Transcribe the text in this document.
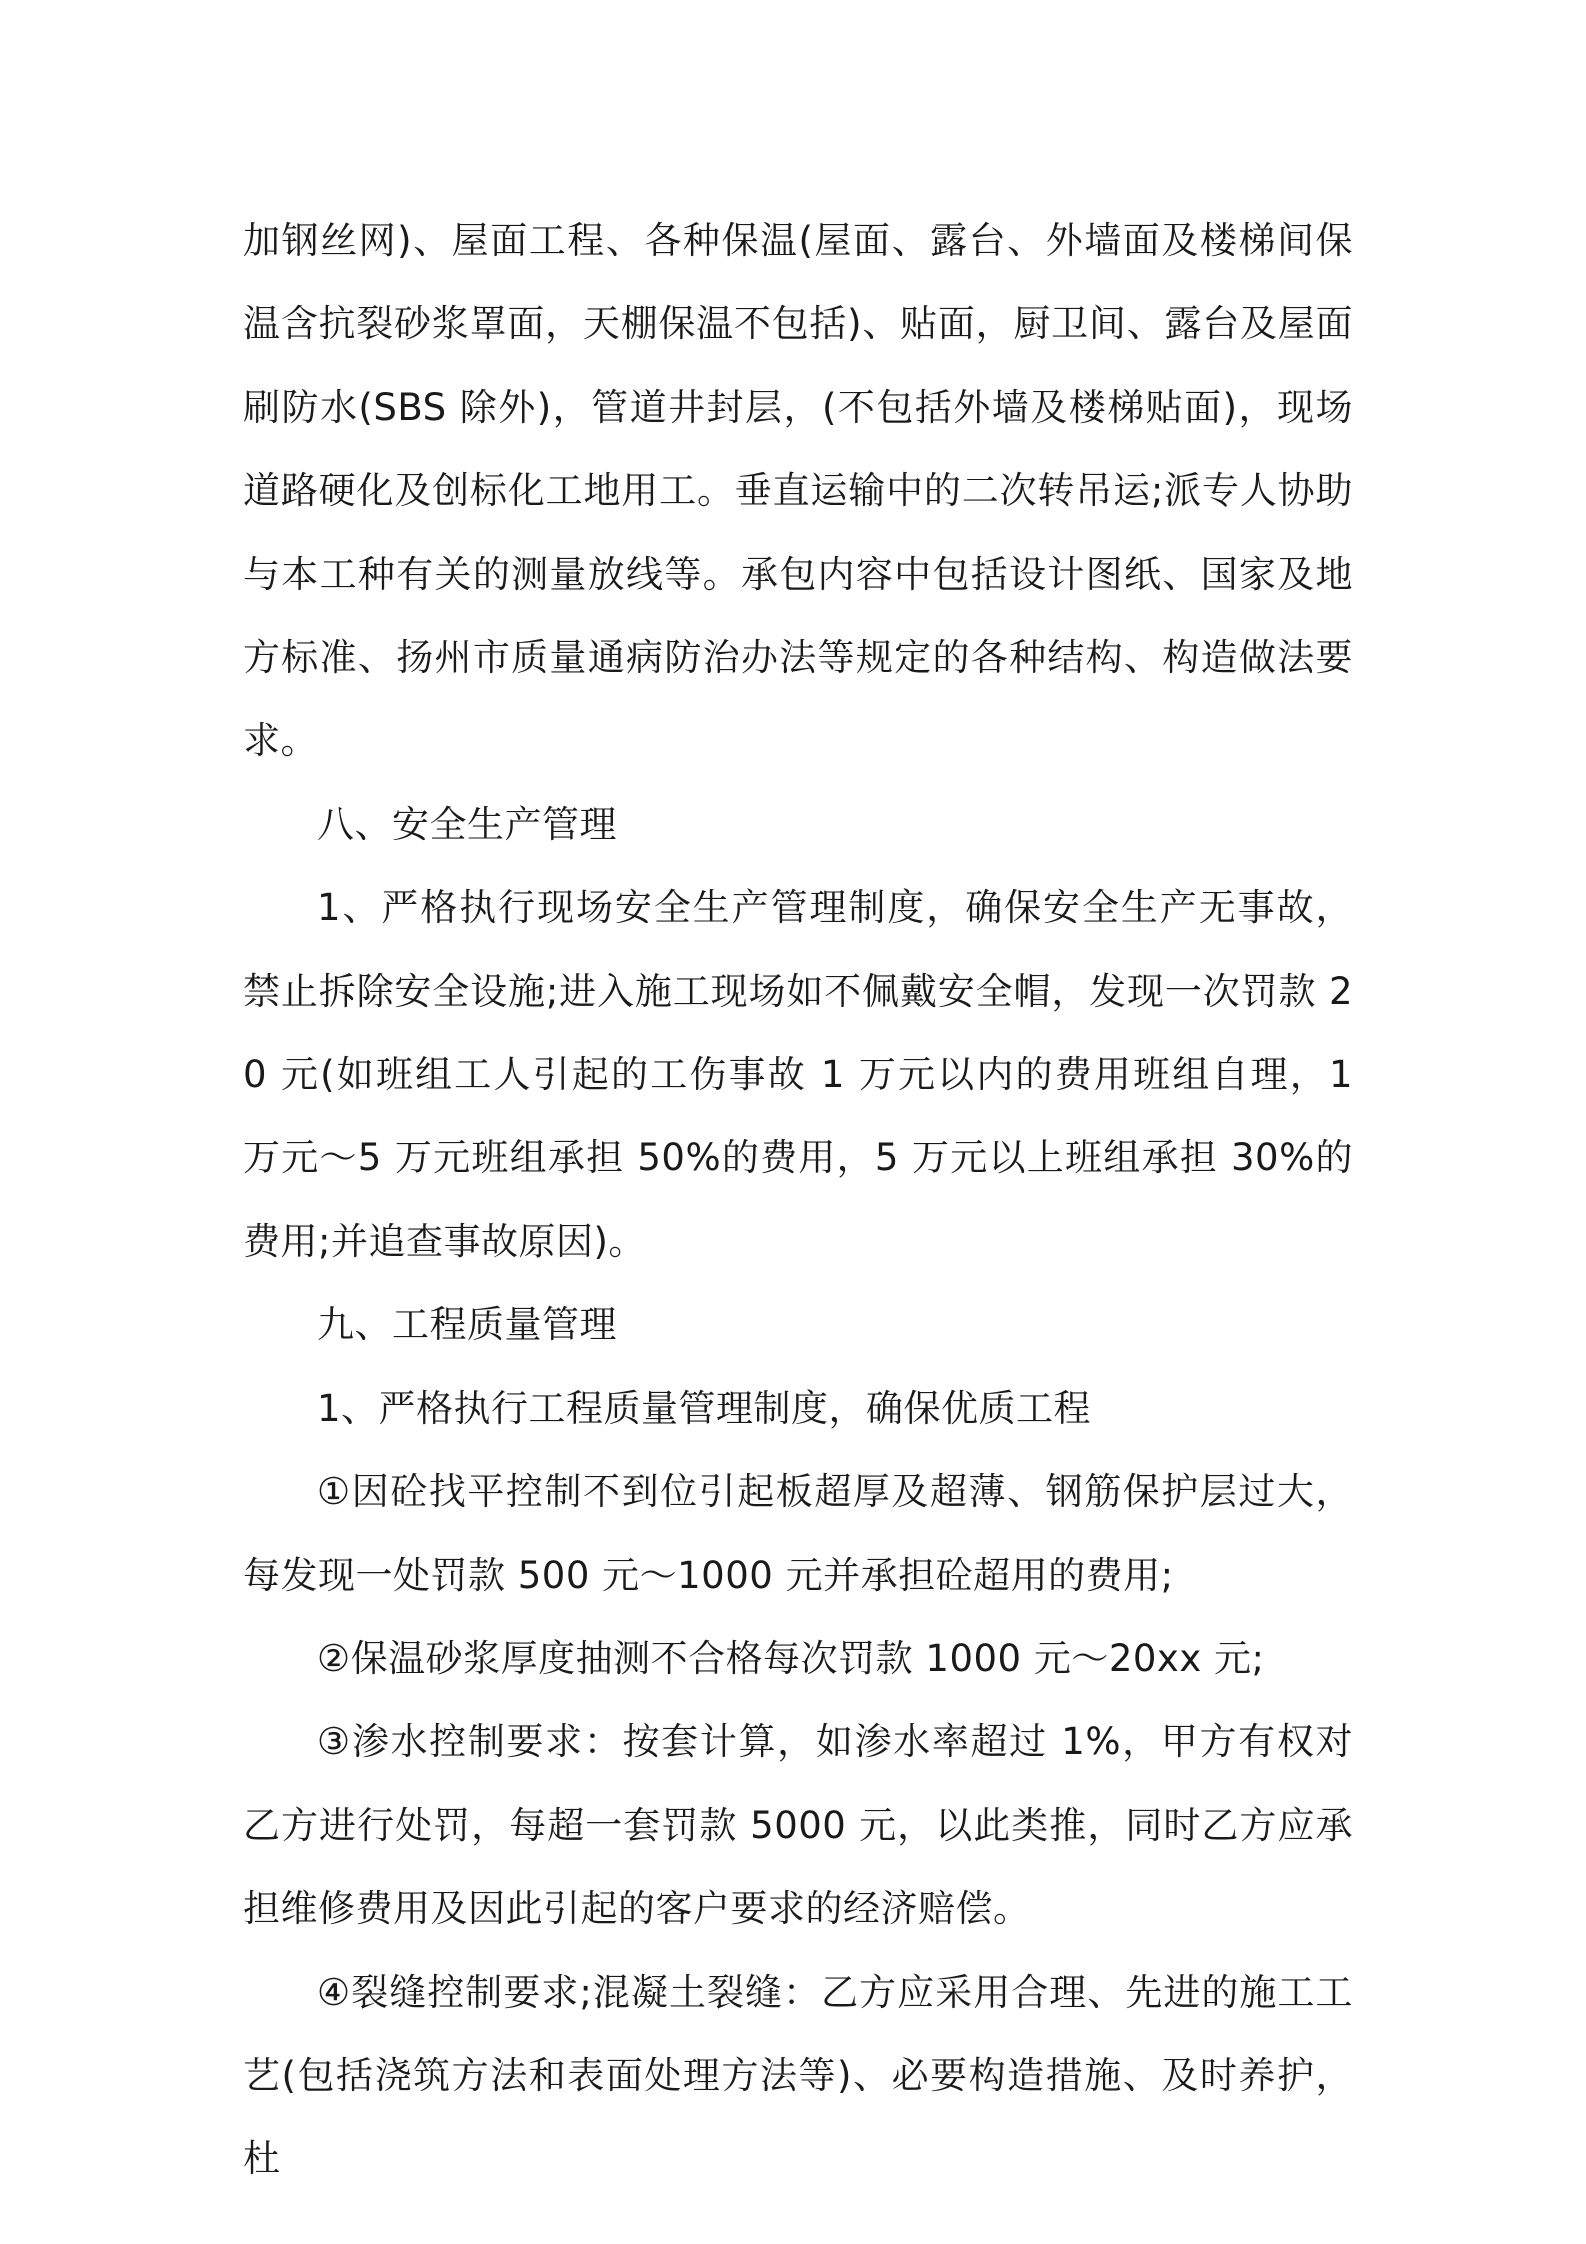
加钢丝网)、屋面工程、各种保温(屋面、露台、外墙面及楼梯间保温含抗裂砂浆罩面，天棚保温不包括)、贴面，厨卫间、露台及屋面刷防水(SBS 除外)，管道井封层，(不包括外墙及楼梯贴面)，现场道路硬化及创标化工地用工。垂直运输中的二次转吊运;派专人协助与本工种有关的测量放线等。承包内容中包括设计图纸、国家及地方标准、扬州市质量通病防治办法等规定的各种结构、构造做法要求。

八、安全生产管理

1、严格执行现场安全生产管理制度，确保安全生产无事故，禁止拆除安全设施;进入施工现场如不佩戴安全帽，发现一次罚款 20 元(如班组工人引起的工伤事故 1 万元以内的费用班组自理，1 万元～5 万元班组承担 50%的费用，5 万元以上班组承担 30%的费用;并追查事故原因)。

九、工程质量管理

1、严格执行工程质量管理制度，确保优质工程

①因砼找平控制不到位引起板超厚及超薄、钢筋保护层过大，每发现一处罚款 500 元～1000 元并承担砼超用的费用;

②保温砂浆厚度抽测不合格每次罚款 1000 元～20xx 元;

③渗水控制要求：按套计算，如渗水率超过 1%，甲方有权对乙方进行处罚，每超一套罚款 5000 元，以此类推，同时乙方应承担维修费用及因此引起的客户要求的经济赔偿。

④裂缝控制要求;混凝土裂缝：乙方应采用合理、先进的施工工艺(包括浇筑方法和表面处理方法等)、必要构造措施、及时养护，杜
